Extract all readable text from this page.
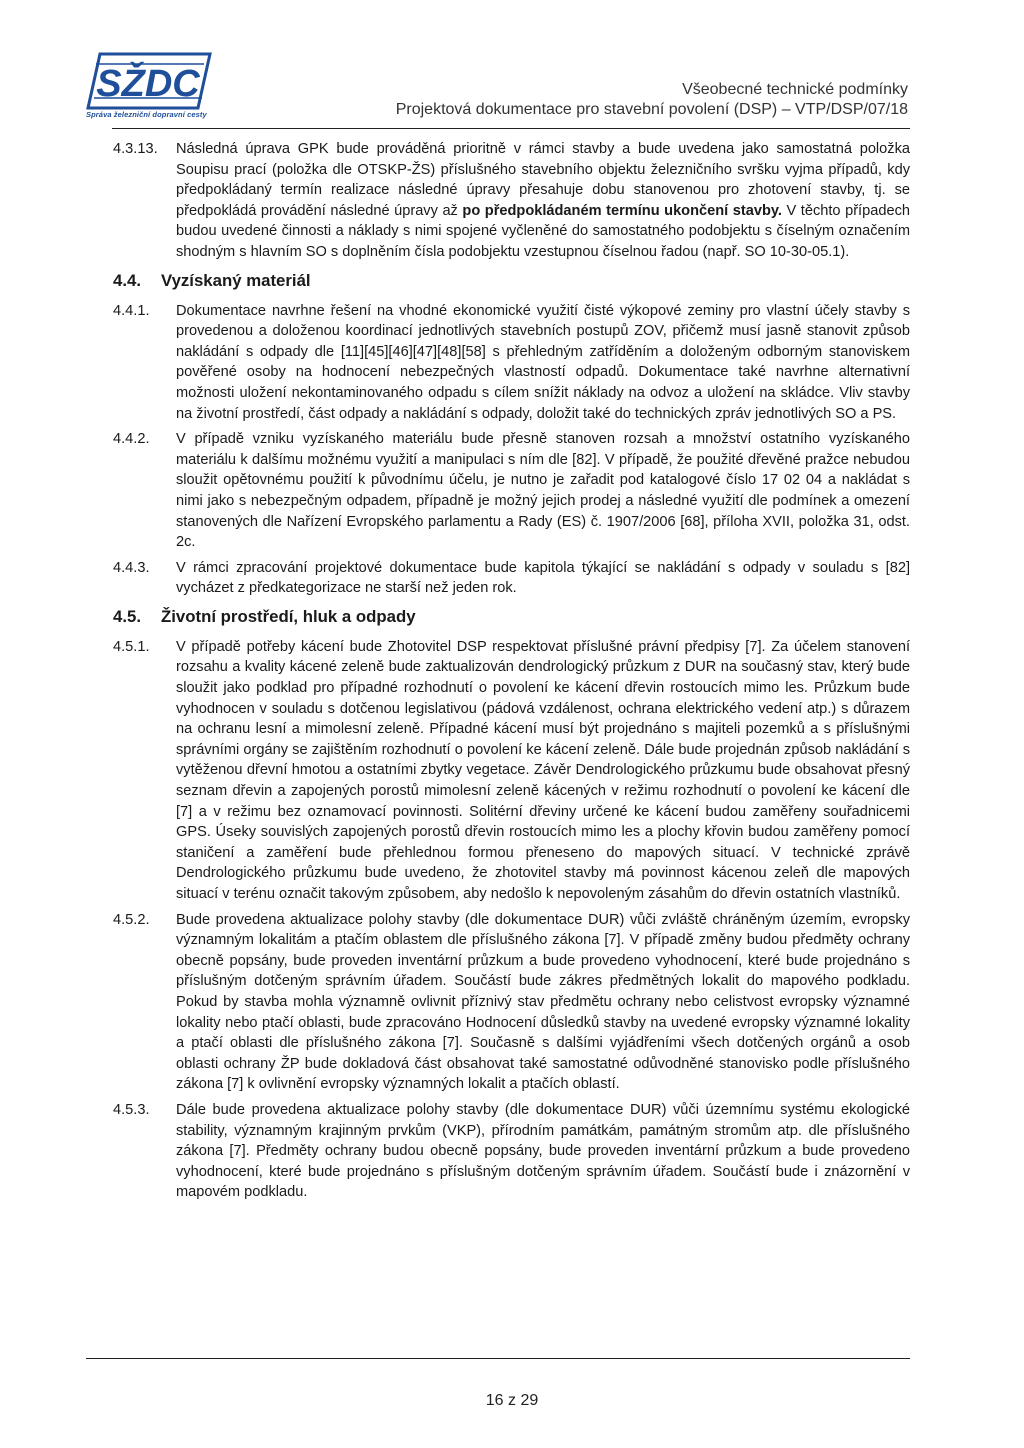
SŽDC
Správa železniční dopravní cesty
Všeobecné technické podmínky
Projektová dokumentace pro stavební povolení (DSP) – VTP/DSP/07/18
4.3.13.	Následná úprava GPK bude prováděná prioritně v rámci stavby a bude uvedena jako samostatná položka Soupisu prací (položka dle OTSKP-ŽS) příslušného stavebního objektu železničního svršku vyjma případů, kdy předpokládaný termín realizace následné úpravy přesahuje dobu stanovenou pro zhotovení stavby, tj. se předpokládá provádění následné úpravy až po předpokládaném termínu ukončení stavby. V těchto případech budou uvedené činnosti a náklady s nimi spojené vyčleněné do samostatného podobjektu s číselným označením shodným s hlavním SO s doplněním čísla podobjektu vzestupnou číselnou řadou (např. SO 10-30-05.1).
4.4.	Vyzískaný materiál
4.4.1.	Dokumentace navrhne řešení na vhodné ekonomické využití čisté výkopové zeminy pro vlastní účely stavby s provedenou a doloženou koordinací jednotlivých stavebních postupů ZOV, přičemž musí jasně stanovit způsob nakládání s odpady dle [11][45][46][47][48][58] s přehledným zatříděním a doloženým odborným stanoviskem pověřené osoby na hodnocení nebezpečných vlastností odpadů. Dokumentace také navrhne alternativní možnosti uložení nekontaminovaného odpadu s cílem snížit náklady na odvoz a uložení na skládce. Vliv stavby na životní prostředí, část odpady a nakládání s odpady, doložit také do technických zpráv jednotlivých SO a PS.
4.4.2.	V případě vzniku vyzískaného materiálu bude přesně stanoven rozsah a množství ostatního vyzískaného materiálu k dalšímu možnému využití a manipulaci s ním dle [82]. V případě, že použité dřevěné pražce nebudou sloužit opětovnému použití k původnímu účelu, je nutno je zařadit pod katalogové číslo 17 02 04 a nakládat s nimi jako s nebezpečným odpadem, případně je možný jejich prodej a následné využití dle podmínek a omezení stanovených dle Nařízení Evropského parlamentu a Rady (ES) č. 1907/2006 [68], příloha XVII, položka 31, odst. 2c.
4.4.3.	V rámci zpracování projektové dokumentace bude kapitola týkající se nakládání s odpady v souladu s [82] vycházet z předkategorizace ne starší než jeden rok.
4.5.	Životní prostředí, hluk a odpady
4.5.1.	V případě potřeby kácení bude Zhotovitel DSP respektovat příslušné právní předpisy [7]. Za účelem stanovení rozsahu a kvality kácené zeleně bude zaktualizován dendrologický průzkum z DUR na současný stav, který bude sloužit jako podklad pro případné rozhodnutí o povolení ke kácení dřevin rostoucích mimo les. Průzkum bude vyhodnocen v souladu s dotčenou legislativou (pádová vzdálenost, ochrana elektrického vedení atp.) s důrazem na ochranu lesní a mimolesní zeleně. Případné kácení musí být projednáno s majiteli pozemků a s příslušnými správními orgány se zajištěním rozhodnutí o povolení ke kácení zeleně. Dále bude projednán způsob nakládání s vytěženou dřevní hmotou a ostatními zbytky vegetace. Závěr Dendrologického průzkumu bude obsahovat přesný seznam dřevin a zapojených porostů mimolesní zeleně kácených v režimu rozhodnutí o povolení ke kácení dle [7] a v režimu bez oznamovací povinnosti. Solitérní dřeviny určené ke kácení budou zaměřeny souřadnicemi GPS. Úseky souvislých zapojených porostů dřevin rostoucích mimo les a plochy křovin budou zaměřeny pomocí staničení a zaměření bude přehlednou formou přeneseno do mapových situací. V technické zprávě Dendrologického průzkumu bude uvedeno, že zhotovitel stavby má povinnost kácenou zeleň dle mapových situací v terénu označit takovým způsobem, aby nedošlo k nepovoleným zásahům do dřevin ostatních vlastníků.
4.5.2.	Bude provedena aktualizace polohy stavby (dle dokumentace DUR) vůči zvláště chráněným územím, evropsky významným lokalitám a ptačím oblastem dle příslušného zákona [7]. V případě změny budou předměty ochrany obecně popsány, bude proveden inventární průzkum a bude provedeno vyhodnocení, které bude projednáno s příslušným dotčeným správním úřadem. Součástí bude zákres předmětných lokalit do mapového podkladu. Pokud by stavba mohla významně ovlivnit příznivý stav předmětu ochrany nebo celistvost evropsky významné lokality nebo ptačí oblasti, bude zpracováno Hodnocení důsledků stavby na uvedené evropsky významné lokality a ptačí oblasti dle příslušného zákona [7]. Současně s dalšími vyjádřeními všech dotčených orgánů a osob oblasti ochrany ŽP bude dokladová část obsahovat také samostatné odůvodněné stanovisko podle příslušného zákona [7] k ovlivnění evropsky významných lokalit a ptačích oblastí.
4.5.3.	Dále bude provedena aktualizace polohy stavby (dle dokumentace DUR) vůči územnímu systému ekologické stability, významným krajinným prvkům (VKP), přírodním památkám, památným stromům atp. dle příslušného zákona [7]. Předměty ochrany budou obecně popsány, bude proveden inventární průzkum a bude provedeno vyhodnocení, které bude projednáno s příslušným dotčeným správním úřadem. Součástí bude i znázornění v mapovém podkladu.
16 z 29
